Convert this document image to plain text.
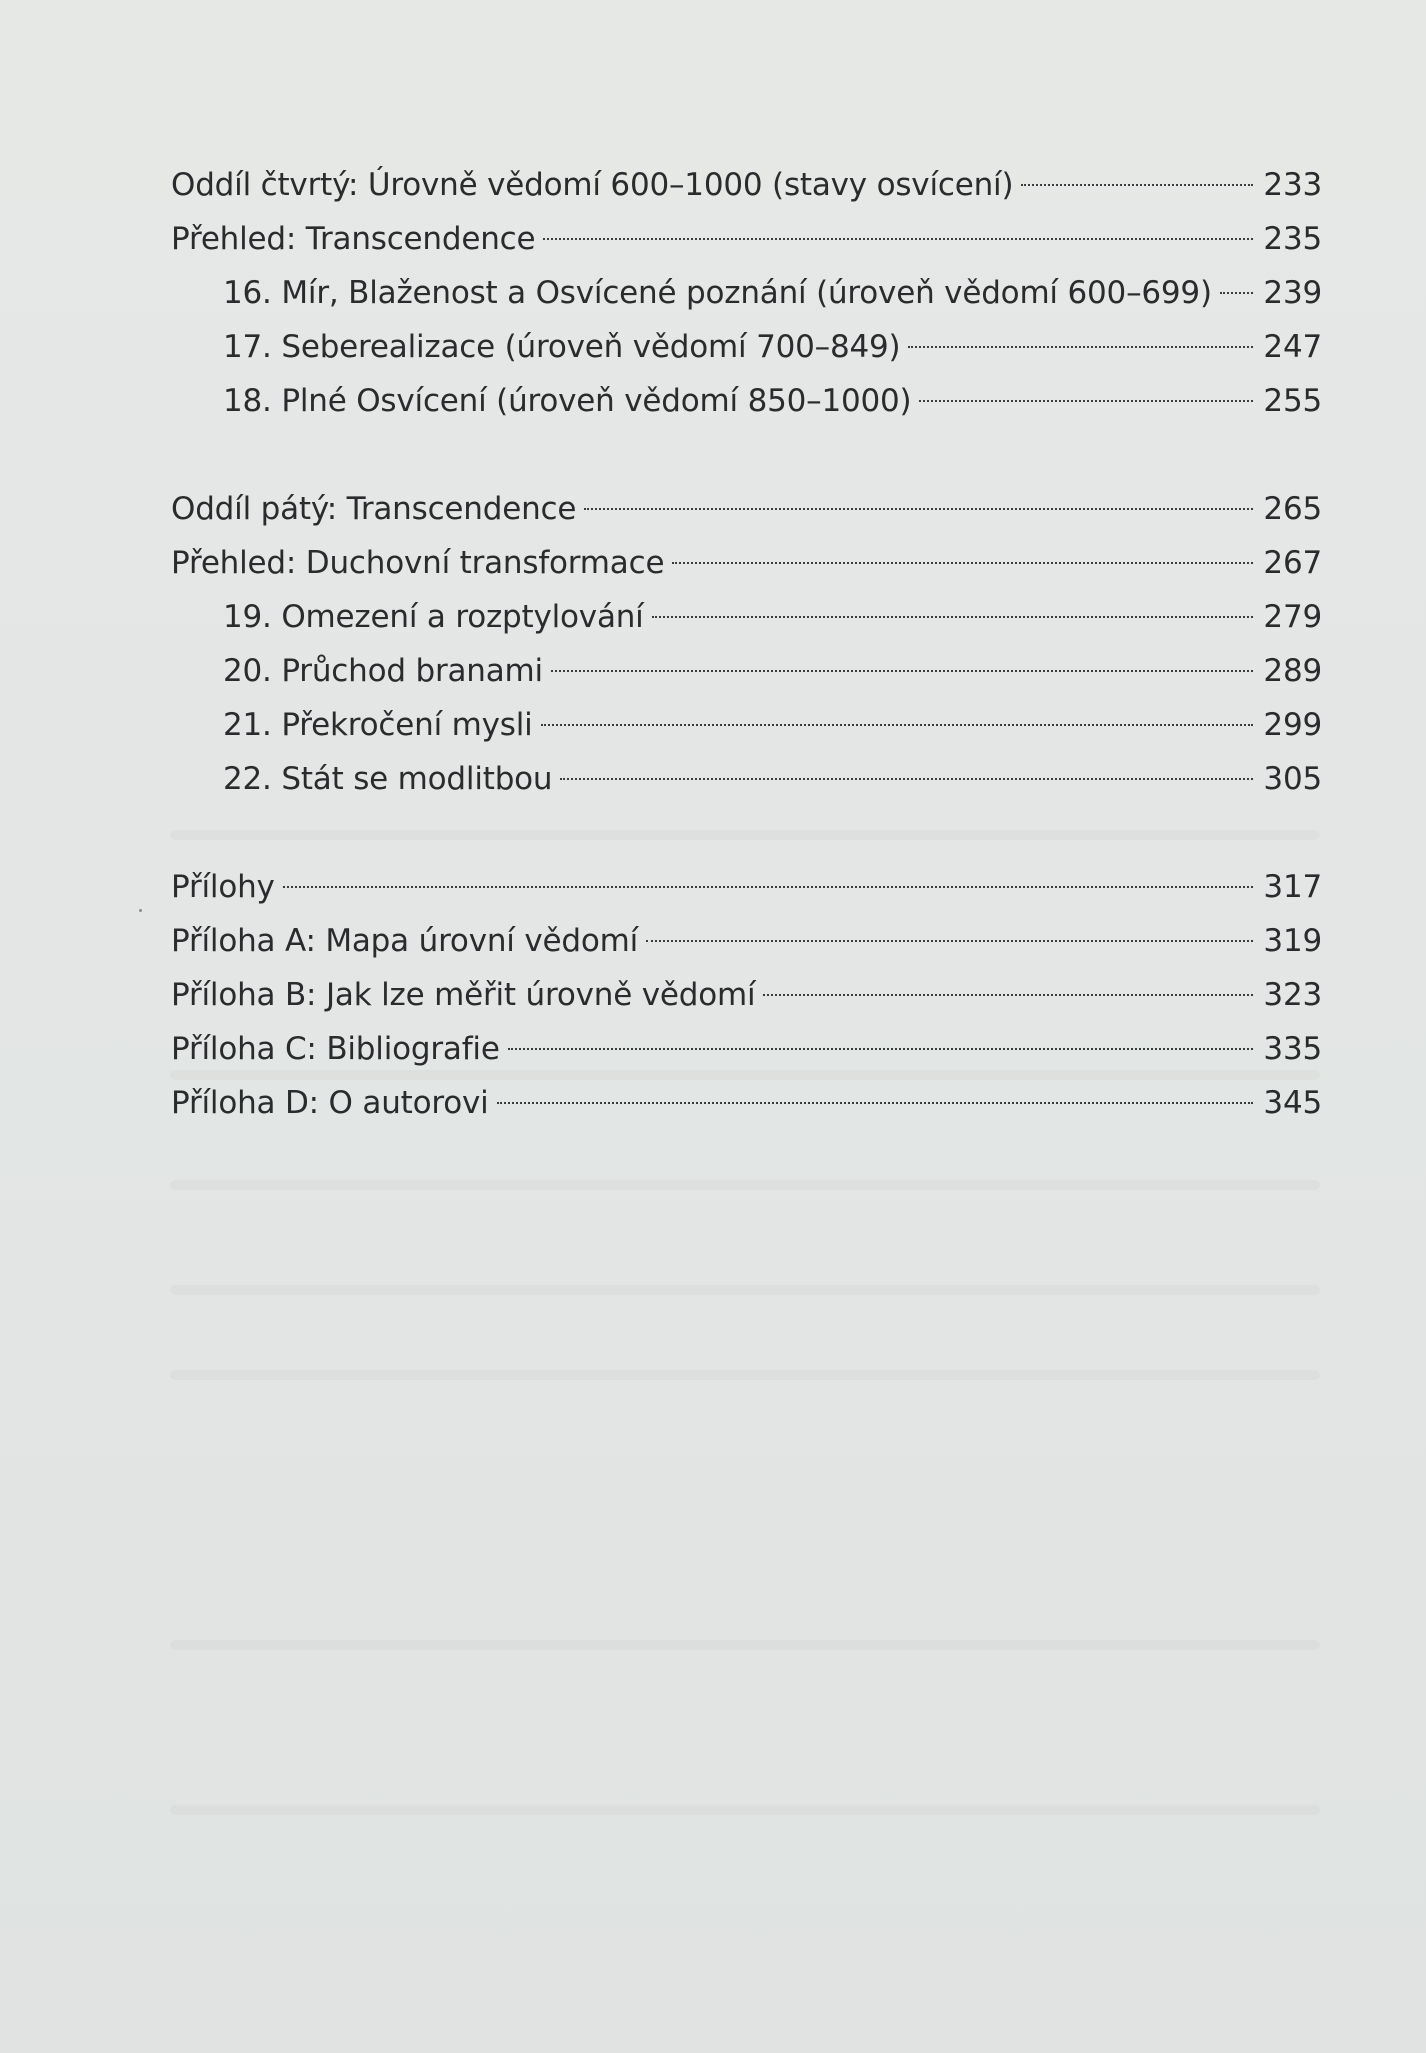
Oddíl čtvrtý: Úrovně vědomí 600–1000 (stavy osvícení)	233
Přehled: Transcendence	235
16. Mír, Blaženost a Osvícené poznání (úroveň vědomí 600–699) 239
17. Seberealizace (úroveň vědomí 700–849)	247
18. Plné Osvícení (úroveň vědomí 850–1000)	255
Oddíl pátý: Transcendence	265
Přehled: Duchovní transformace	267
19. Omezení a rozptylování	279
20. Průchod branami	289
21. Překročení mysli	299
22. Stát se modlitbou	305
Přílohy	317
Příloha A: Mapa úrovní vědomí	319
Příloha B: Jak lze měřit úrovně vědomí	323
Příloha C: Bibliografie	335
Příloha D: O autorovi	345
